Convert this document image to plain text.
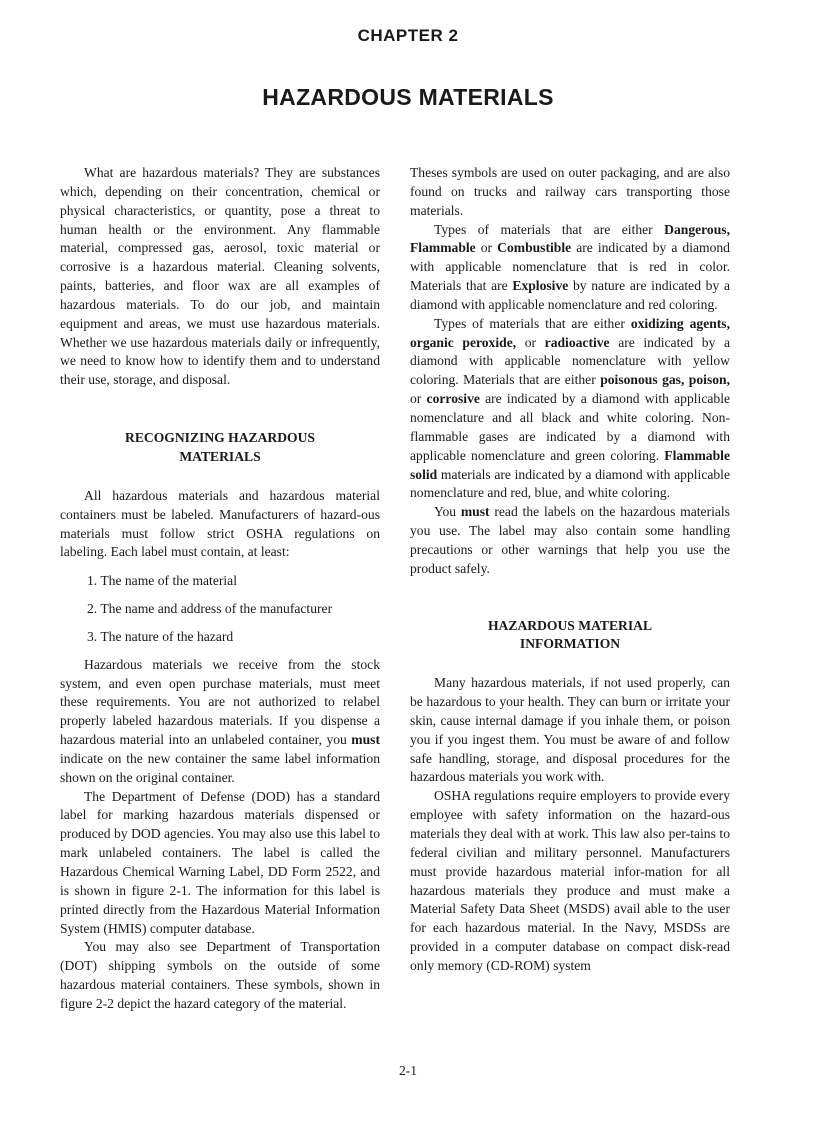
CHAPTER 2
HAZARDOUS MATERIALS

What are hazardous materials? They are substances which, depending on their concentration, chemical or physical characteristics, or quantity, pose a threat to human health or the environment. Any flammable material, compressed gas, aerosol, toxic material or corrosive is a hazardous material. Cleaning solvents, paints, batteries, and floor wax are all examples of hazardous materials. To do our job, and maintain equipment and areas, we must use hazardous materials. Whether we use hazardous materials daily or infrequently, we need to know how to identify them and to understand their use, storage, and disposal.

RECOGNIZING HAZARDOUS
MATERIALS

All hazardous materials and hazardous material containers must be labeled. Manufacturers of hazard-ous materials must follow strict OSHA regulations on labeling. Each label must contain, at least:

1. The name of the material

2. The name and address of the manufacturer

3. The nature of the hazard

Hazardous materials we receive from the stock system, and even open purchase materials, must meet these requirements. You are not authorized to relabel properly labeled hazardous materials. If you dispense a hazardous material into an unlabeled container, you must indicate on the new container the same label information shown on the original container.

The Department of Defense (DOD) has a standard label for marking hazardous materials dispensed or produced by DOD agencies. You may also use this label to mark unlabeled containers. The label is called the Hazardous Chemical Warning Label, DD Form 2522, and is shown in figure 2-1. The information for this label is printed directly from the Hazardous Material Information System (HMIS) computer database.

You may also see Department of Transportation (DOT) shipping symbols on the outside of some hazardous material containers. These symbols, shown in figure 2-2 depict the hazard category of the material.

Theses symbols are used on outer packaging, and are also found on trucks and railway cars transporting those materials.

Types of materials that are either Dangerous, Flammable or Combustible are indicated by a diamond with applicable nomenclature that is red in color. Materials that are Explosive by nature are indicated by a diamond with applicable nomenclature and red coloring.

Types of materials that are either oxidizing agents, organic peroxide, or radioactive are indicated by a diamond with applicable nomenclature with yellow coloring. Materials that are either poisonous gas, poison, or corrosive are indicated by a diamond with applicable nomenclature and all black and white coloring. Non-flammable gases are indicated by a diamond with applicable nomenclature and green coloring. Flammable solid materials are indicated by a diamond with applicable nomenclature and red, blue, and white coloring.

You must read the labels on the hazardous materials you use. The label may also contain some handling precautions or other warnings that help you use the product safely.

HAZARDOUS MATERIAL
INFORMATION

Many hazardous materials, if not used properly, can be hazardous to your health. They can burn or irritate your skin, cause internal damage if you inhale them, or poison you if you ingest them. You must be aware of and follow safe handling, storage, and disposal procedures for the hazardous materials you work with.

OSHA regulations require employers to provide every employee with safety information on the hazard-ous materials they deal with at work. This law also per-tains to federal civilian and military personnel. Manufacturers must provide hazardous material infor-mation for all hazardous materials they produce and must make a Material Safety Data Sheet (MSDS) avail able to the user for each hazardous material. In the Navy, MSDSs are provided in a computer database on compact disk-read only memory (CD-ROM) system

2-1
